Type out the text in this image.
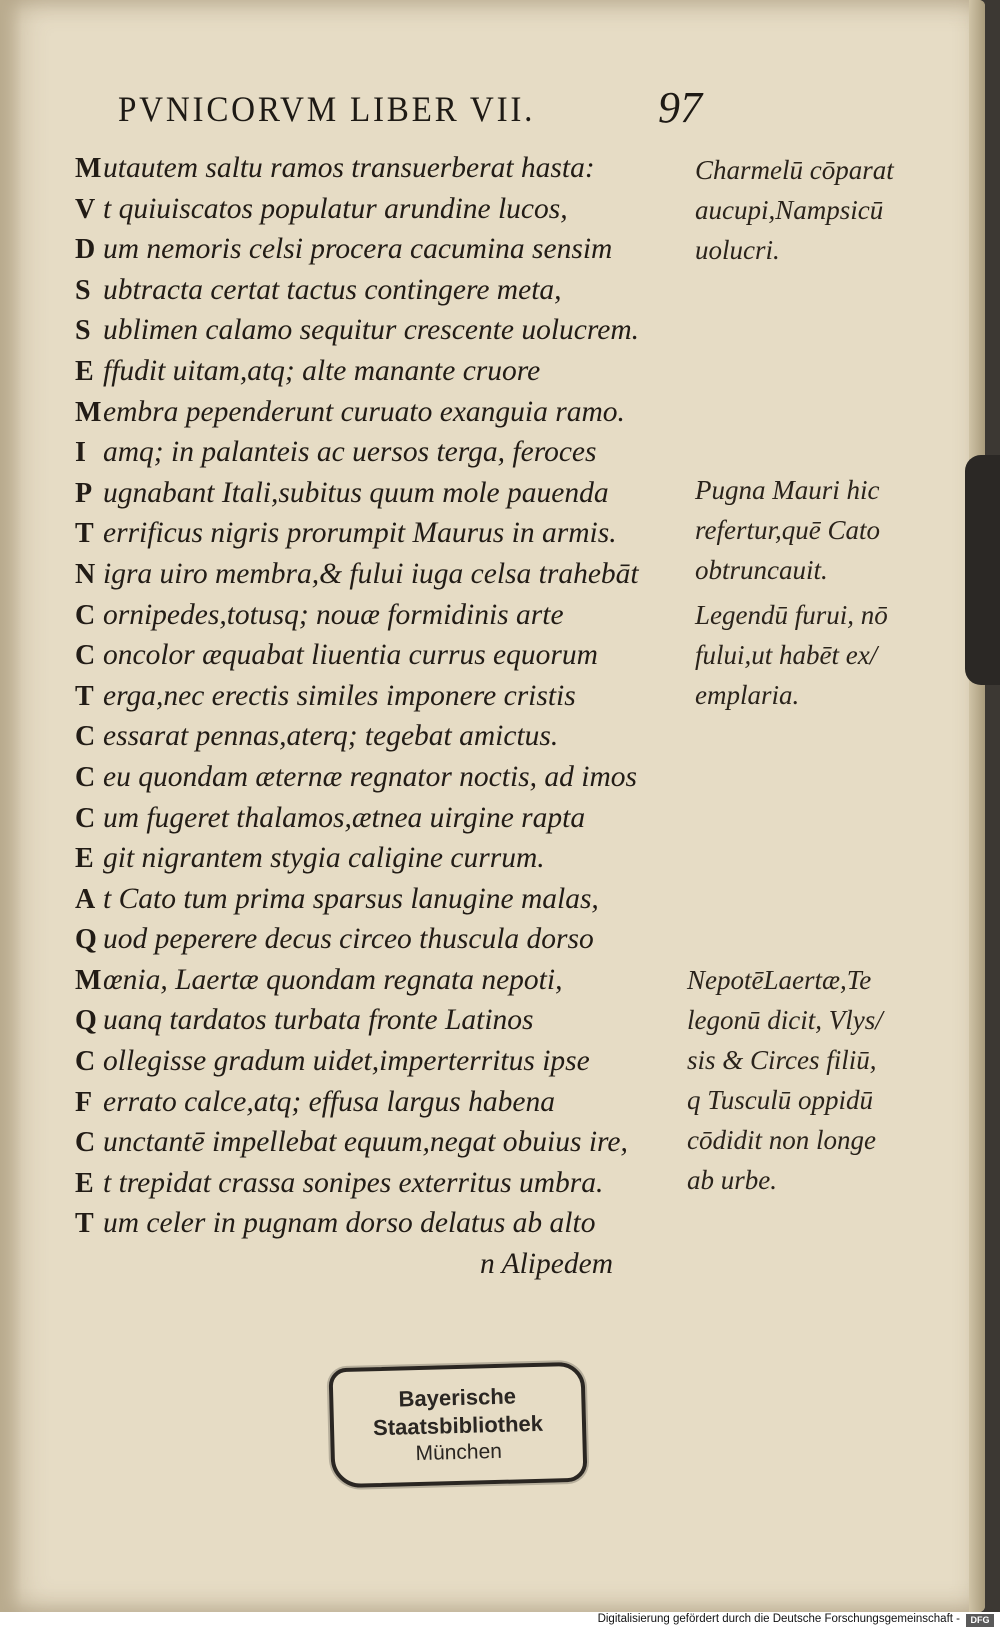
PVNICORVM LIBER VII.	97
Mutautem saltu ramos transuerberat hasta:
V t quiuiscatos populatur arundine lucos,
D um nemoris celsi procera cacumina sensim
S ubtracta certat tactus contingere meta,
S ublimen calamo sequitur crescente uolucrem.
E ffudit uitam,atq; alte manante cruore
Membra pependerunt curuato exanguia ramo.
I amq; in palanteis ac uersos terga, feroces
P ugnabant Itali,subitus quum mole pauenda
T errificus nigris prorumpit Maurus in armis.
N igra uiro membra,& fului iuga celsa trahebāt
C ornipedes,totusq; nouæ formidinis arte
C oncolor æquabat liuentia currus equorum
T erga,nec erectis similes imponere cristis
C essarat pennas,aterq; tegebat amictus.
C eu quondam æternæ regnator noctis, ad imos
C um fugeret thalamos,ætnea uirgine rapta
E git nigrantem stygia caligine currum.
A t Cato tum prima sparsus lanugine malas,
Q uod peperere decus circeo thuscula dorso
Mœnia, Laertæ quondam regnata nepoti,
Q uanq tardatos turbata fronte Latinos
C ollegisse gradum uidet,imperterritus ipse
F errato calce,atq; effusa largus habena
C unctantē impellebat equum,negat obuius ire,
E t trepidat crassa sonipes exterritus umbra.
T um celer in pugnam dorso delatus ab alto
n Alipedem
Charmelū cōparat
aucupi,Nampsicū
uolucri.
Pugna Mauri hic
refertur,quē Cato
obtruncauit.
Legendū furui, nō
fului,ut habēt ex/
emplaria.
NepotēLaertæ,Te
legonū dicit, Vlys/
sis & Circes filiū,
q Tusculū oppidū
cōdidit non longe
ab urbe.
Bayerische
Staatsbibliothek
München
Digitalisierung gefördert durch die Deutsche Forschungsgemeinschaft -	DFG
